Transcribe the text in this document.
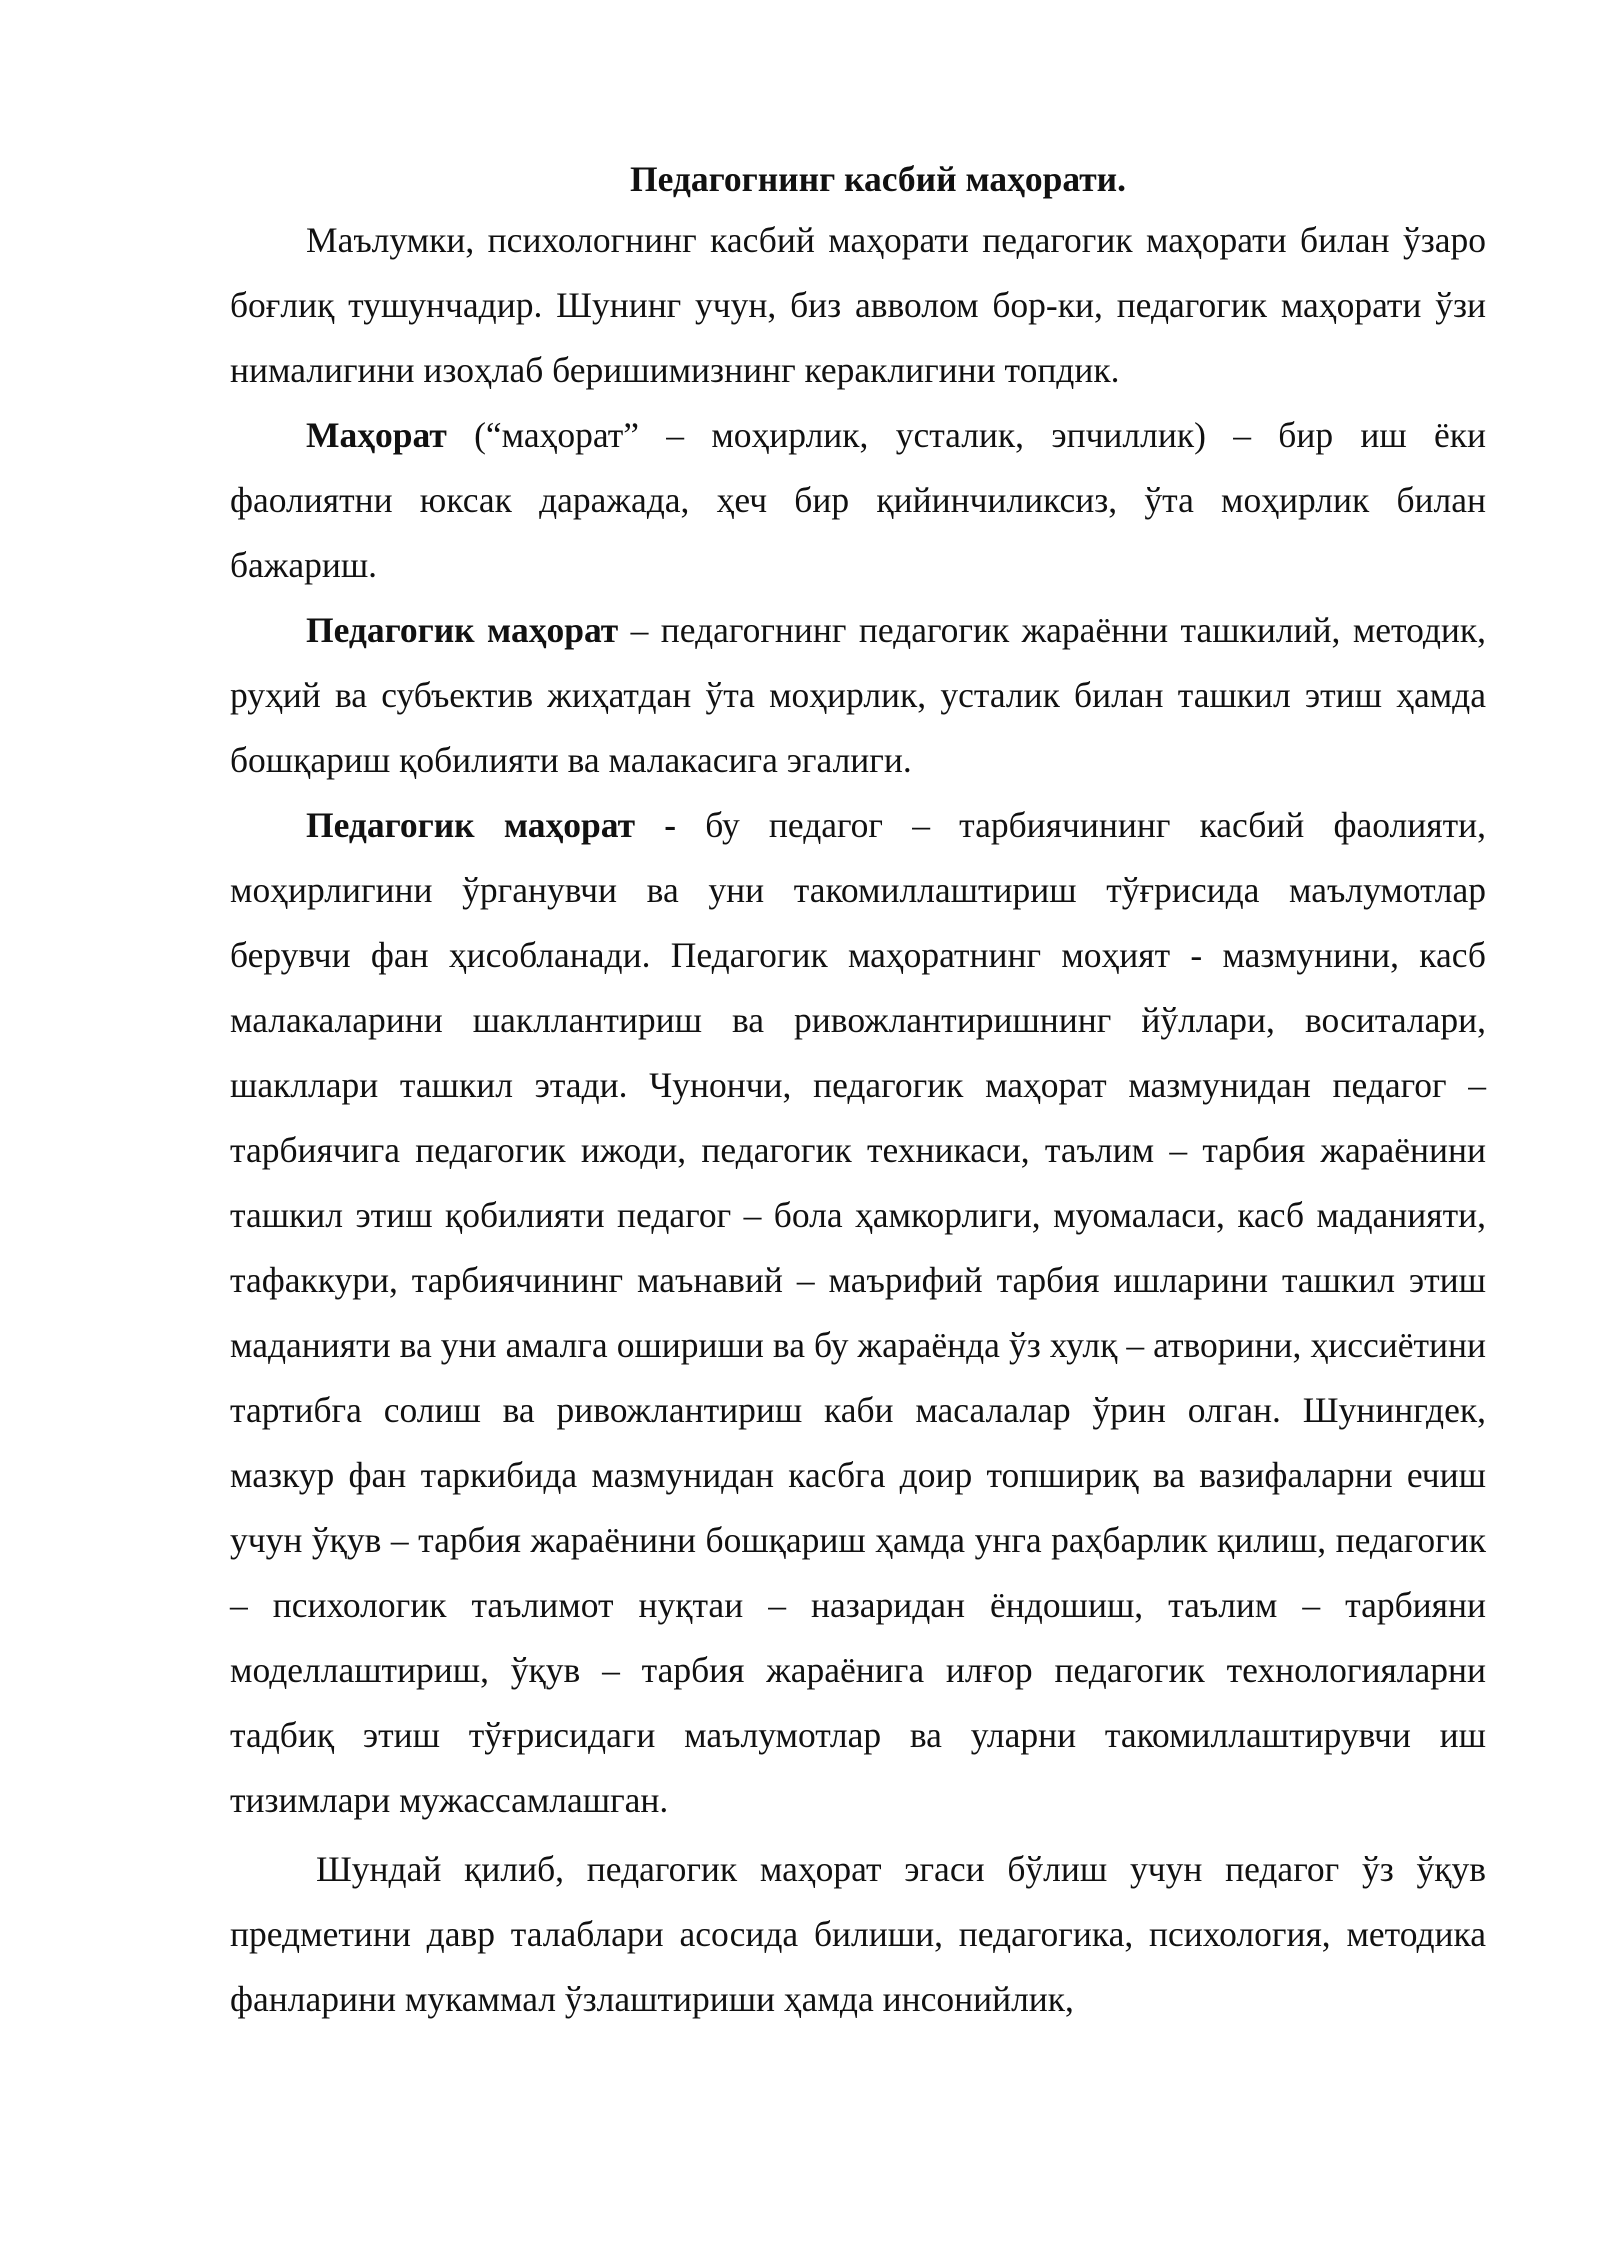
Педагогнинг касбий маҳорати.

Маълумки, психологнинг касбий маҳорати педагогик маҳорати билан ўзаро боғлиқ тушунчадир. Шунинг учун, биз авволом бор-ки, педагогик маҳорати ўзи нималигини изоҳлаб беришимизнинг кераклигини топдик.

Маҳорат (“маҳорат” – моҳирлик, усталик, эпчиллик) – бир иш ёки фаолиятни юксак даражада, ҳеч бир қийинчиликсиз, ўта моҳирлик билан бажариш.

Педагогик маҳорат – педагогнинг педагогик жараённи ташкилий, методик, руҳий ва субъектив жиҳатдан ўта моҳирлик, усталик билан ташкил этиш ҳамда бошқариш қобилияти ва малакасига эгалиги.

Педагогик маҳорат - бу педагог – тарбиячининг касбий фаолияти, моҳирлигини ўрганувчи ва уни такомиллаштириш тўғрисида маълумотлар берувчи фан ҳисобланади. Педагогик маҳоратнинг моҳият - мазмунини, касб малакаларини шакллантириш ва ривожлантиришнинг йўллари, воситалари, шакллари ташкил этади. Чунончи, педагогик маҳорат мазмунидан педагог – тарбиячига педагогик ижоди, педагогик техникаси, таълим – тарбия жараёнини ташкил этиш қобилияти педагог – бола ҳамкорлиги, муомаласи, касб маданияти, тафаккури, тарбиячининг маънавий – маърифий тарбия ишларини ташкил этиш маданияти ва уни амалга ошириши ва бу жараёнда ўз хулқ – атворини, ҳиссиётини тартибга солиш ва ривожлантириш каби масалалар ўрин олган. Шунингдек, мазкур фан таркибида мазмунидан касбга доир топшириқ ва вазифаларни ечиш учун ўқув – тарбия жараёнини бошқариш ҳамда унга раҳбарлик қилиш, педагогик – психологик таълимот нуқтаи – назаридан ёндошиш, таълим – тарбияни моделлаштириш, ўқув – тарбия жараёнига илғор педагогик технологияларни тадбиқ этиш тўғрисидаги маълумотлар ва уларни такомиллаштирувчи иш тизимлари мужассамлашган.

Шундай қилиб, педагогик маҳорат эгаси бўлиш учун педагог ўз ўқув предметини давр талаблари асосида билиши, педагогика, психология, методика фанларини мукаммал ўзлаштириши ҳамда инсонийлик,
